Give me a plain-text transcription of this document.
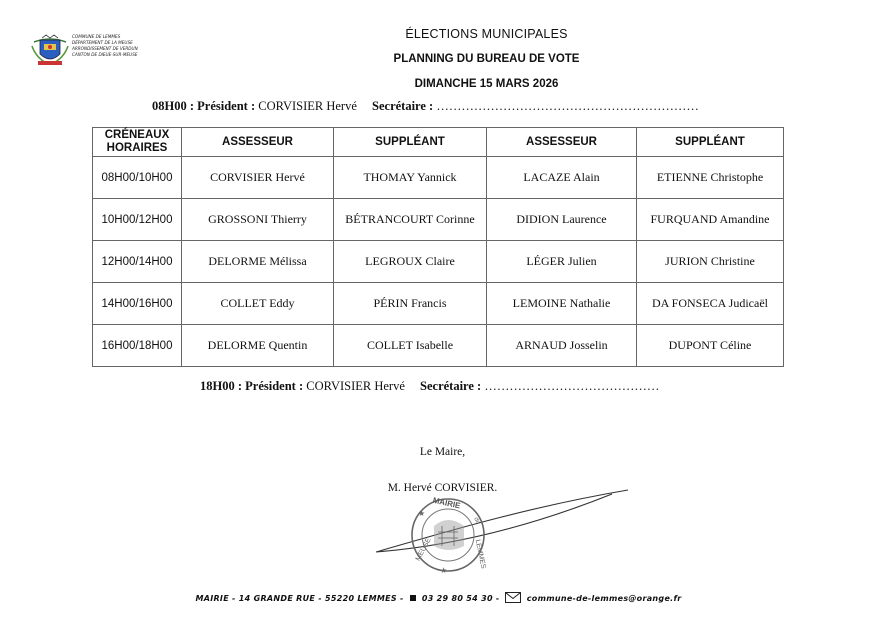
COMMUNE DE LEMMES
DÉPARTEMENT DE LA MEUSE
ARRONDISSEMENT DE VERDUN
CANTON DE DIEUE-SUR-MEUSE
ÉLECTIONS MUNICIPALES
PLANNING DU BUREAU DE VOTE
DIMANCHE 15 MARS 2026
08H00 : Président : CORVISIER Hervé Secrétaire : ………………………………………………………
CRÉNEAUX HORAIRES	ASSESSEUR	SUPPLÉANT	ASSESSEUR	SUPPLÉANT
08H00/10H00	CORVISIER Hervé	THOMAY Yannick	LACAZE Alain	ETIENNE Christophe
10H00/12H00	GROSSONI Thierry	BÉTRANCOURT Corinne	DIDION Laurence	FURQUAND Amandine
12H00/14H00	DELORME Mélissa	LEGROUX Claire	LÉGER Julien	JURION Christine
14H00/16H00	COLLET Eddy	PÉRIN Francis	LEMOINE Nathalie	DA FONSECA Judicaël
16H00/18H00	DELORME Quentin	COLLET Isabelle	ARNAUD Josselin	DUPONT Céline
18H00 : Président : CORVISIER Hervé Secrétaire : ……………………………………
Le Maire,
M. Hervé CORVISIER.
MAIRIE
de
LEMMES
MEUSE
★
★
MAIRIE - 14 GRANDE RUE - 55220 LEMMES - 03 29 80 54 30 -	commune-de-lemmes@orange.fr
